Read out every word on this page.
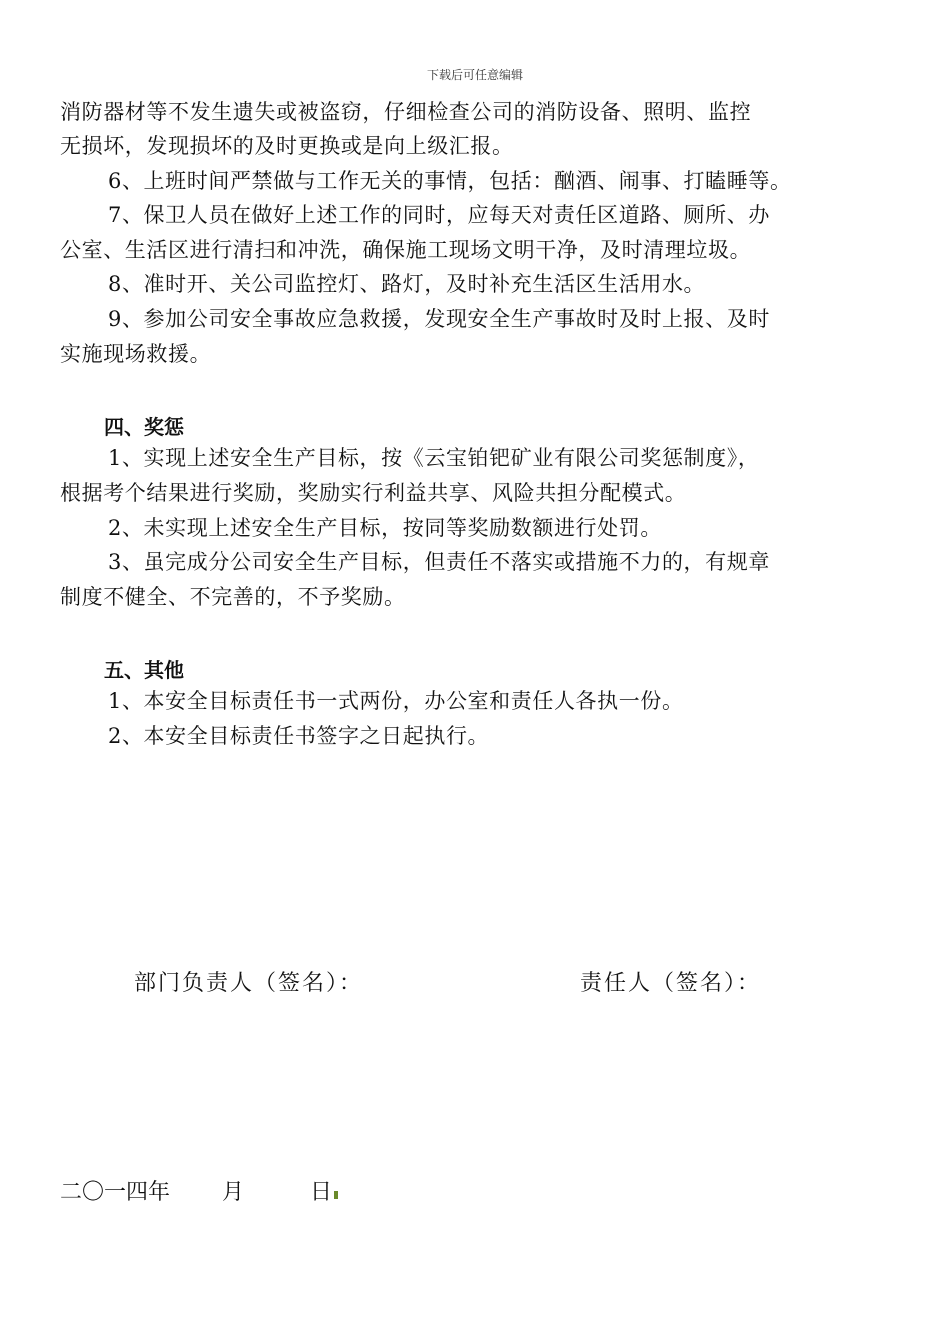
下载后可任意编辑
消防器材等不发生遗失或被盗窃，仔细检查公司的消防设备、照明、监控
无损坏，发现损坏的及时更换或是向上级汇报。
6、上班时间严禁做与工作无关的事情，包括：酗酒、闹事、打瞌睡等。
7、保卫人员在做好上述工作的同时，应每天对责任区道路、厕所、办
公室、生活区进行清扫和冲洗，确保施工现场文明干净，及时清理垃圾。
8、准时开、关公司监控灯、路灯，及时补充生活区生活用水。
9、参加公司安全事故应急救援，发现安全生产事故时及时上报、及时
实施现场救援。
四、奖惩
1、实现上述安全生产目标，按《云宝铂钯矿业有限公司奖惩制度》，
根据考个结果进行奖励，奖励实行利益共享、风险共担分配模式。
2、未实现上述安全生产目标，按同等奖励数额进行处罚。
3、虽完成分公司安全生产目标，但责任不落实或措施不力的，有规章
制度不健全、不完善的，不予奖励。
五、其他
1、本安全目标责任书一式两份，办公室和责任人各执一份。
2、本安全目标责任书签字之日起执行。
部门负责人（签名）：	责任人（签名）：
二〇一四年 月	日
